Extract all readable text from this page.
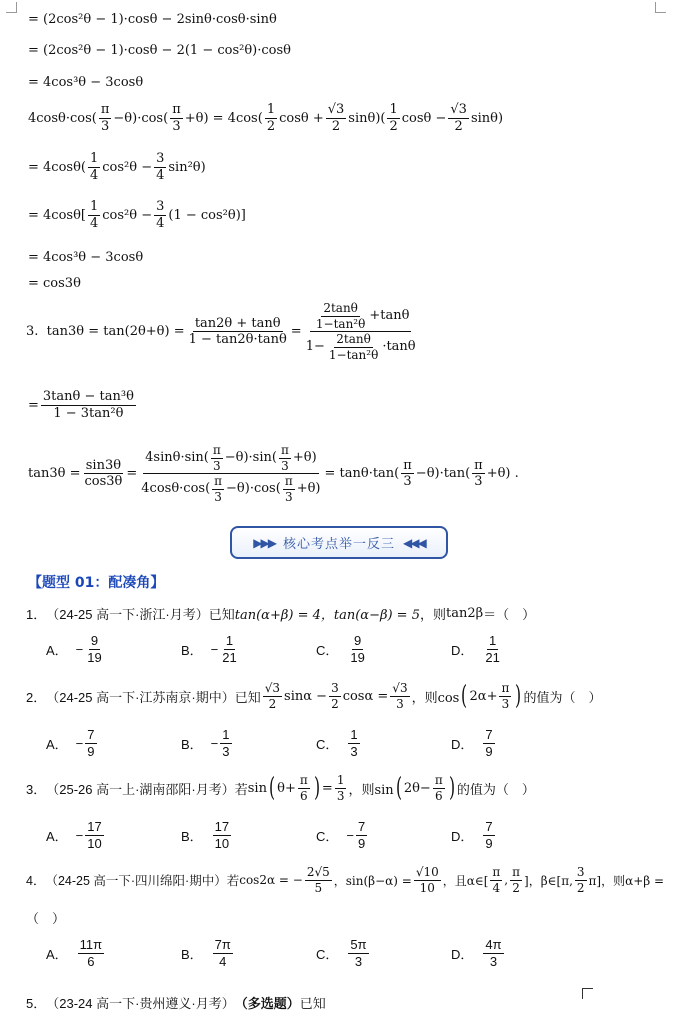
= (2cos²θ − 1)·cosθ − 2sinθ·cosθ·sinθ
= (2cos²θ − 1)·cosθ − 2(1 − cos²θ)·cosθ
= 4cos³θ − 3cosθ
$4\cos\theta\cdot\cos( \frac{\pi}{3} -\theta)\cdot\cos( \frac{\pi}{3} +\theta) = 4\cos( \frac{1}{2}$ $\cos\theta + \frac{√3}{2} \sin\theta)( \frac{1}{2}$ $\cos\theta - \frac{√3}{2} \sin\theta$)
= $4\cos\theta( \frac{1}{4} \cos^2\theta - \frac{3}{4} \sin^2\theta)$
= $4\cos\theta[ \frac{1}{4} \cos^2\theta - \frac{3}{4} (1 - \cos^2\theta)]$
= 4cos³θ − 3cosθ
= cos3θ
3.  $\tan 3\theta = \tan(2\theta+\theta) = \frac{\tan 2\theta + \tan\theta}{1 - \tan 2\theta\cdot\tan\theta} = \frac{\frac{2\tan\theta}{\text{1−tan²θ}} +\tan\theta}{1- \frac{2\tan\theta}{\text{1−tan²θ}} \cdot\tan\theta}$
= $\frac{\text{3tanθ − tan³θ}}{\text{1 − 3tan²θ}}$
$\tan 3\theta = \frac{\sin 3\theta}{\cos 3\theta} = \frac{4\sin\theta\cdot\sin( \frac{\pi}{3} -\theta)\cdot\sin( \frac{\pi}{3} +\theta)}{4\cos\theta\cdot\cos( \frac{\pi}{3} -\theta)\cdot\cos( \frac{\pi}{3} +\theta)} = \tan\theta\cdot\tan( \frac{\pi}{3} -\theta)\cdot\tan( \frac{\pi}{3} +\theta)$ .
▶▶▶ 核心考点举一反三 ◀◀◀
【题型 01：配凑角】
1． （24-25 高一下·浙江·月考）已知 tan(α+β) = 4，tan(α−β) = 5 ，则 tan2β ＝（　）
A． − $\frac{9}{19}$	B． − $\frac{1}{21}$	C． $\frac{9}{19}$	D． $\frac{1}{21}$
2． （24-25 高一下·江苏南京·期中）已知 $\frac{√3}{2}$ $\sin\alpha - \frac{3}{2}$ $\cos\alpha = \frac{√3}{3}$ ，则cos ( $2\alpha+ \frac{\pi}{3}$ ) 的值为（　）
A． − $\frac{7}{9}$	B． − $\frac{1}{3}$	C． $\frac{1}{3}$	D． $\frac{7}{9}$
3． （25-26 高一上·湖南邵阳·月考）若 sin ( $\theta+ \frac{\pi}{6}$ ) = $\frac{1}{3}$ ，则sin ( $2\theta- \frac{\pi}{6}$ ) 的值为（　）
A． − $\frac{17}{10}$	B． $\frac{17}{10}$	C． − $\frac{7}{9}$	D． $\frac{7}{9}$
4． （24-25 高一下·四川绵阳·期中）若 cos2α = − $\frac{2√5}{5}$ ，$\sin(\beta-\alpha) = \frac{√10}{10}$ ，且α∈[ $\frac{\pi}{4}$ , $\frac{\pi}{2}$ ]，β∈[π, $\frac{3}{2} \pi$]，则α+β =
（　）
A． $\frac{11\pi}{6}$	B． $\frac{7\pi}{4}$	C． $\frac{5\pi}{3}$	D． $\frac{4\pi}{3}$
5． （23-24 高一下·贵州遵义·月考） （多选题） 已知
